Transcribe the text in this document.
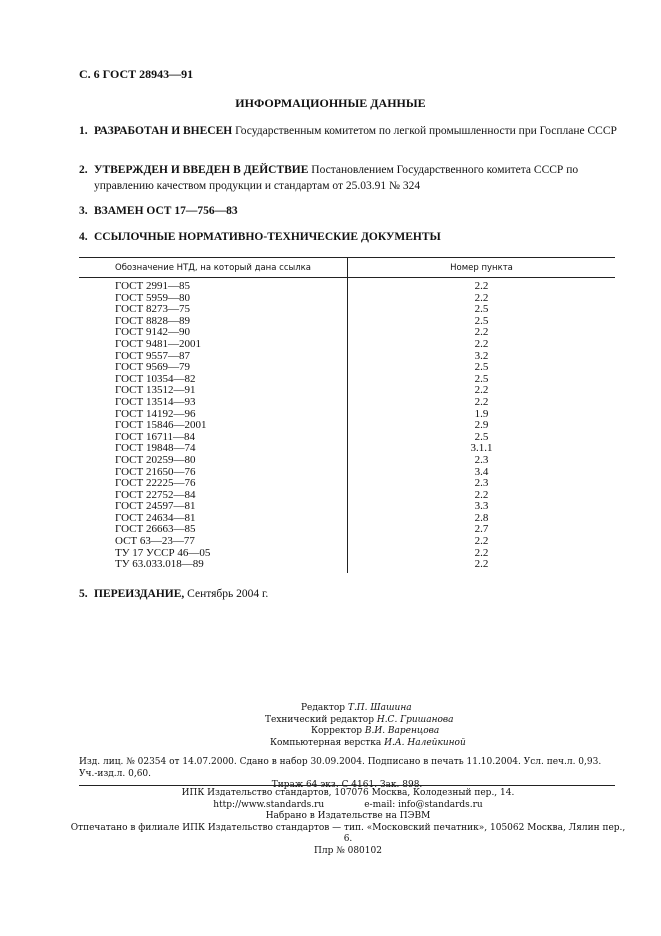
С. 6 ГОСТ 28943—91
ИНФОРМАЦИОННЫЕ ДАННЫЕ
1. РАЗРАБОТАН И ВНЕСЕН Государственным комитетом по легкой промышленности при Госплане СССР
2. УТВЕРЖДЕН И ВВЕДЕН В ДЕЙСТВИЕ Постановлением Государственного комитета СССР по управлению качеством продукции и стандартам от 25.03.91 № 324
3. ВЗАМЕН ОСТ 17—756—83
4. ССЫЛОЧНЫЕ НОРМАТИВНО-ТЕХНИЧЕСКИЕ ДОКУМЕНТЫ
Обозначение НТД, на который дана ссылка	Номер пункта
ГОСТ 2991—85	2.2
ГОСТ 5959—80	2.2
ГОСТ 8273—75	2.5
ГОСТ 8828—89	2.5
ГОСТ 9142—90	2.2
ГОСТ 9481—2001	2.2
ГОСТ 9557—87	3.2
ГОСТ 9569—79	2.5
ГОСТ 10354—82	2.5
ГОСТ 13512—91	2.2
ГОСТ 13514—93	2.2
ГОСТ 14192—96	1.9
ГОСТ 15846—2001	2.9
ГОСТ 16711—84	2.5
ГОСТ 19848—74	3.1.1
ГОСТ 20259—80	2.3
ГОСТ 21650—76	3.4
ГОСТ 22225—76	2.3
ГОСТ 22752—84	2.2
ГОСТ 24597—81	3.3
ГОСТ 24634—81	2.8
ГОСТ 26663—85	2.7
ОСТ 63—23—77	2.2
ТУ 17 УССР 46—05	2.2
ТУ 63.033.018—89	2.2
5. ПЕРЕИЗДАНИЕ, Сентябрь 2004 г.
Редактор Т.П. Шашина
Технический редактор Н.С. Гришанова
Корректор В.И. Варенцова
Компьютерная верстка И.А. Налейкиной
Изд. лиц. № 02354 от 14.07.2000. Сдано в набор 30.09.2004. Подписано в печать 11.10.2004. Усл. печ.л. 0,93. Уч.-изд.л. 0,60.
Тираж 64 экз. С 4161. Зак. 898.
ИПК Издательство стандартов, 107076 Москва, Колодезный пер., 14.
http://www.standards.ru	e-mail: info@standards.ru
Набрано в Издательстве на ПЭВМ
Отпечатано в филиале ИПК Издательство стандартов — тип. «Московский печатник», 105062 Москва, Лялин пер., 6.
Плр № 080102
